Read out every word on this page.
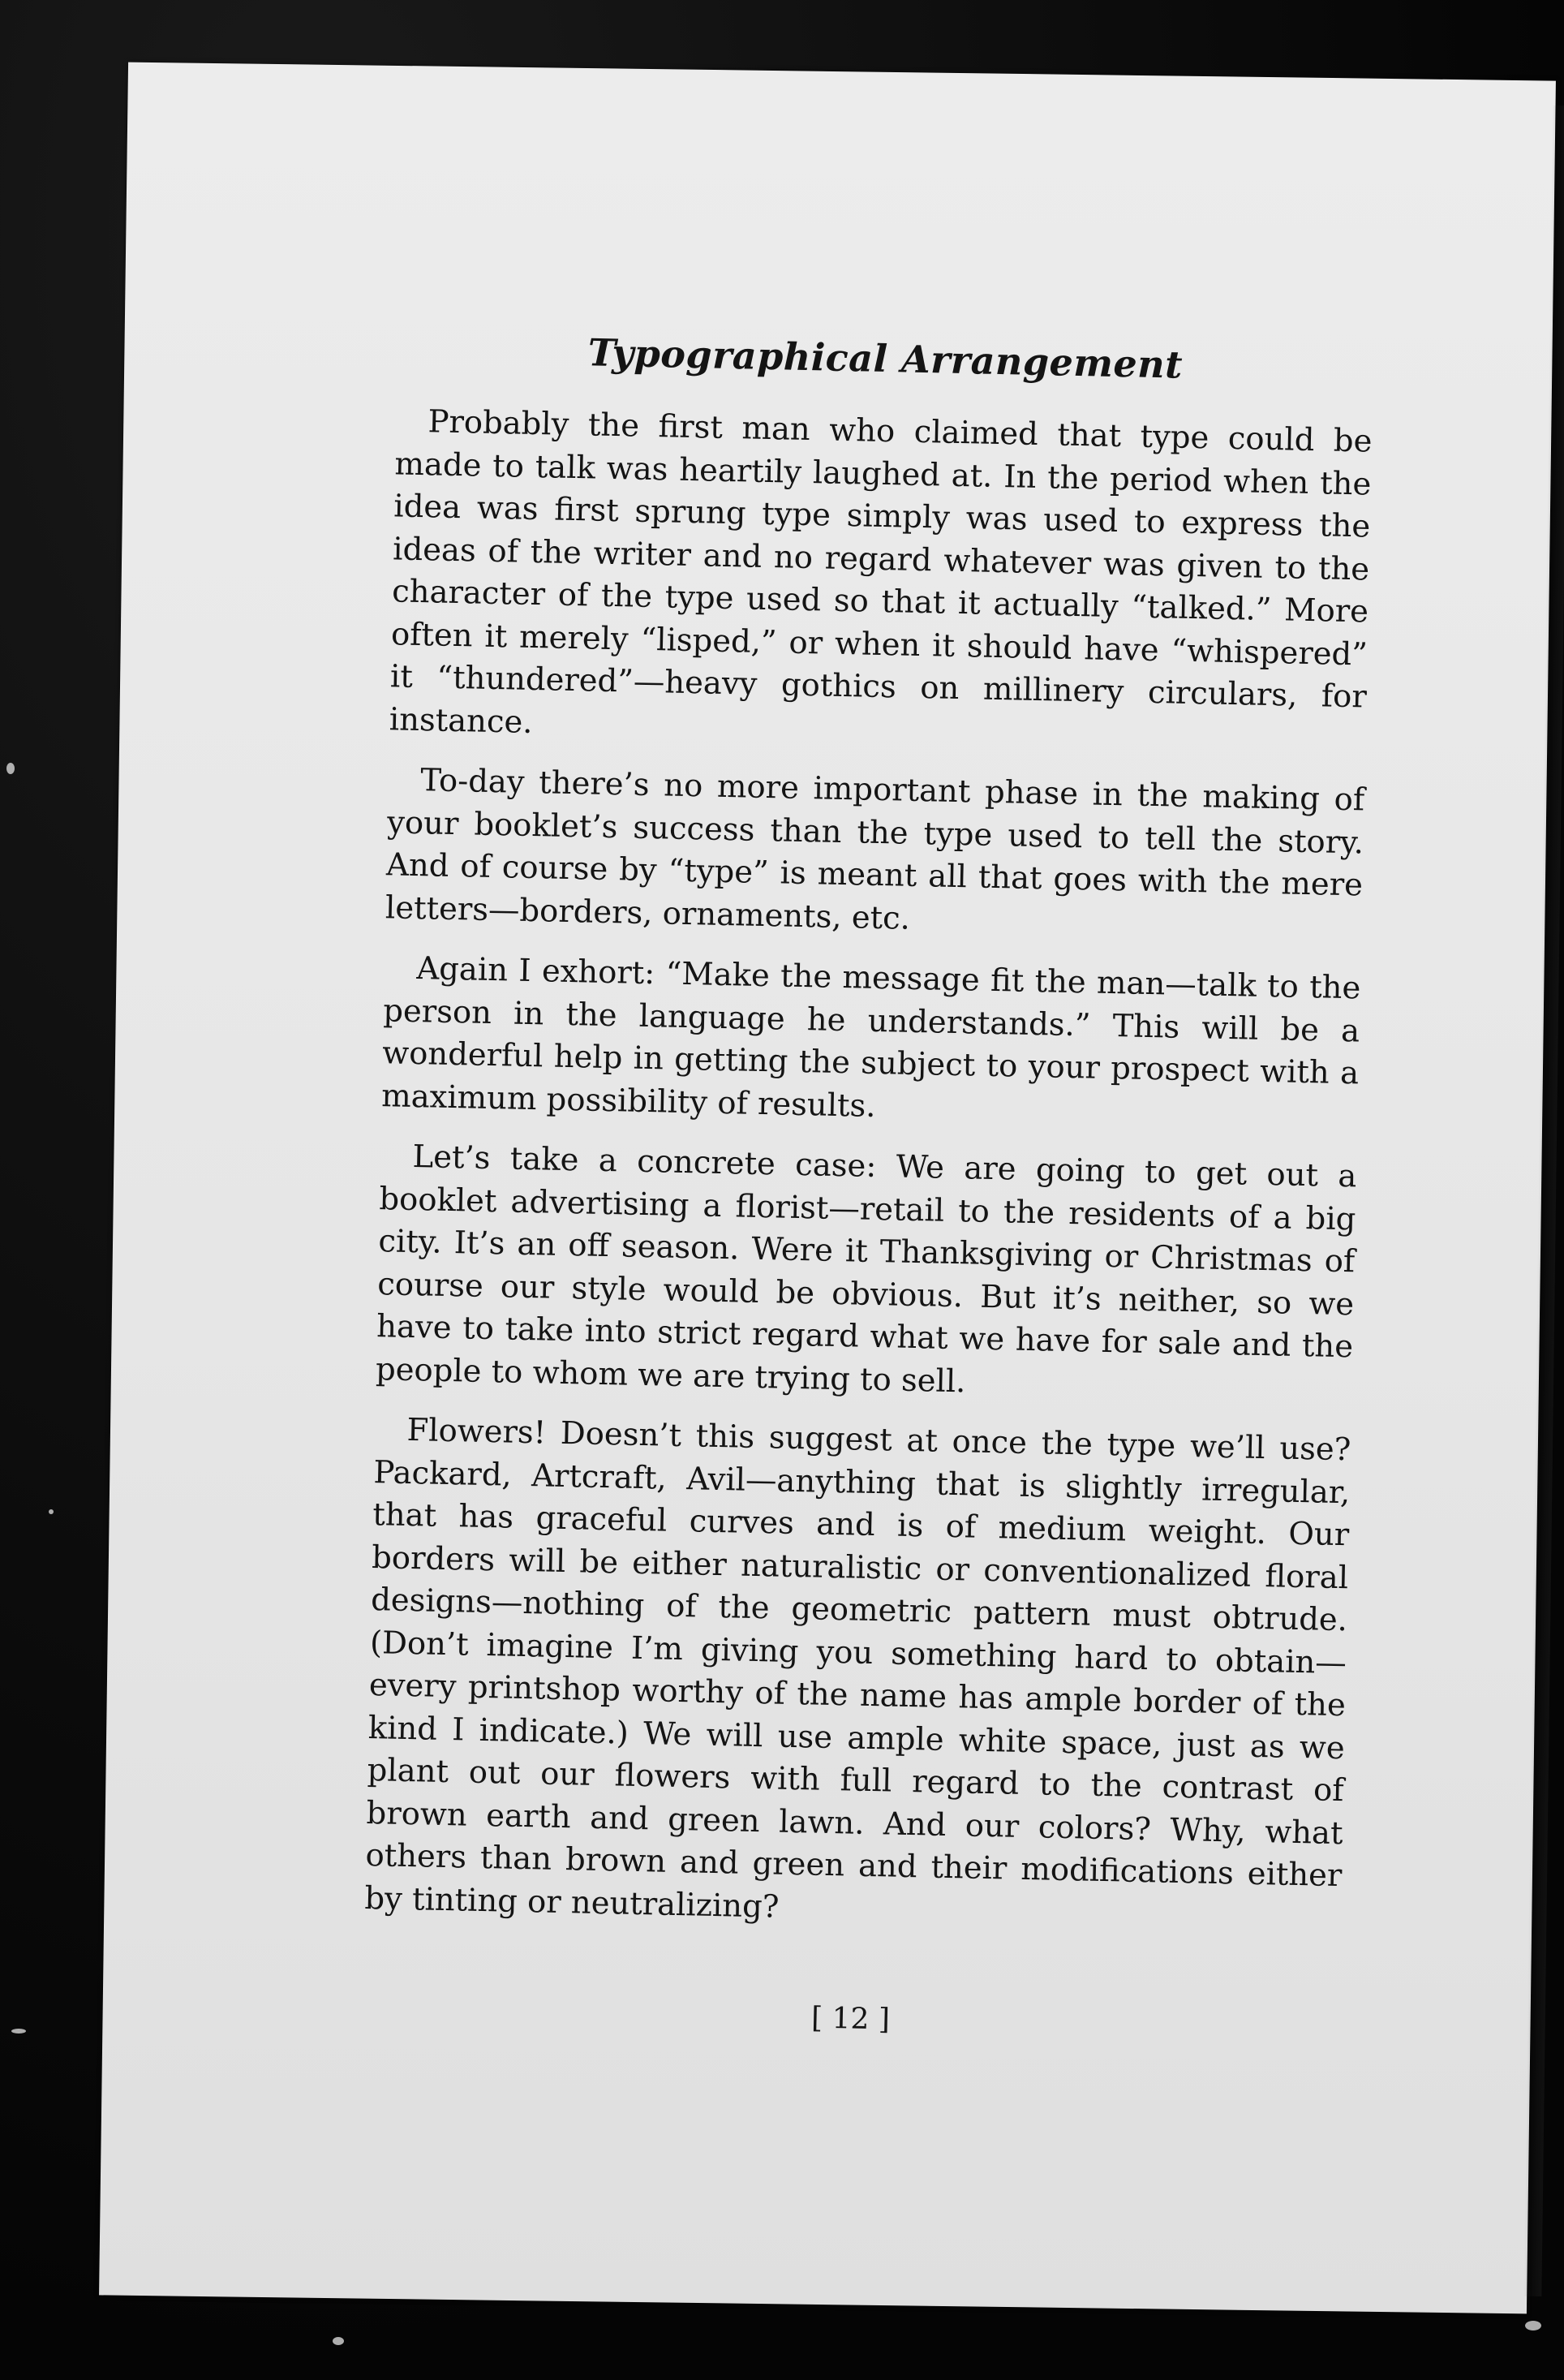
Typographical Arrangement

Probably the first man who claimed that type could be made to talk was heartily laughed at. In the period when the idea was first sprung type simply was used to express the ideas of the writer and no regard whatever was given to the character of the type used so that it actually “talked.” More often it merely “lisped,” or when it should have “whispered” it “thundered”—heavy gothics on millinery circulars, for instance.

To-day there’s no more important phase in the making of your booklet’s success than the type used to tell the story. And of course by “type” is meant all that goes with the mere letters—borders, ornaments, etc.

Again I exhort: “Make the message fit the man—talk to the person in the language he understands.” This will be a wonderful help in getting the subject to your prospect with a maximum possibility of results.

Let’s take a concrete case: We are going to get out a booklet advertising a florist—retail to the residents of a big city. It’s an off season. Were it Thanksgiving or Christmas of course our style would be obvious. But it’s neither, so we have to take into strict regard what we have for sale and the people to whom we are trying to sell.

Flowers! Doesn’t this suggest at once the type we’ll use? Packard, Artcraft, Avil—anything that is slightly irregular, that has graceful curves and is of medium weight. Our borders will be either naturalistic or conventionalized floral designs—nothing of the geometric pattern must obtrude. (Don’t imagine I’m giving you something hard to obtain—every printshop worthy of the name has ample border of the kind I indicate.) We will use ample white space, just as we plant out our flowers with full regard to the contrast of brown earth and green lawn. And our colors? Why, what others than brown and green and their modifications either by tinting or neutralizing?

[ 12 ]
